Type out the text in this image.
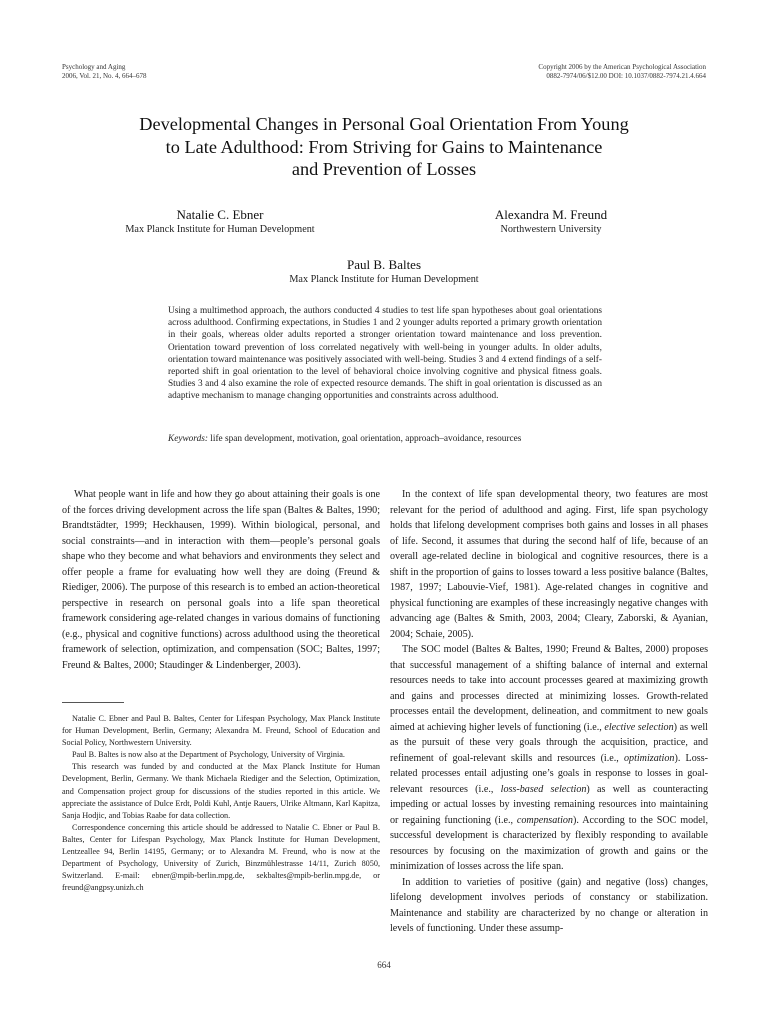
Psychology and Aging
2006, Vol. 21, No. 4, 664–678
Copyright 2006 by the American Psychological Association
0882-7974/06/$12.00 DOI: 10.1037/0882-7974.21.4.664
Developmental Changes in Personal Goal Orientation From Young
to Late Adulthood: From Striving for Gains to Maintenance
and Prevention of Losses
Natalie C. Ebner
Max Planck Institute for Human Development
Alexandra M. Freund
Northwestern University
Paul B. Baltes
Max Planck Institute for Human Development
Using a multimethod approach, the authors conducted 4 studies to test life span hypotheses about goal orientations across adulthood. Confirming expectations, in Studies 1 and 2 younger adults reported a primary growth orientation in their goals, whereas older adults reported a stronger orientation toward maintenance and loss prevention. Orientation toward prevention of loss correlated negatively with well-being in younger adults. In older adults, orientation toward maintenance was positively associated with well-being. Studies 3 and 4 extend findings of a self-reported shift in goal orientation to the level of behavioral choice involving cognitive and physical fitness goals. Studies 3 and 4 also examine the role of expected resource demands. The shift in goal orientation is discussed as an adaptive mechanism to manage changing opportunities and constraints across adulthood.
Keywords: life span development, motivation, goal orientation, approach–avoidance, resources

What people want in life and how they go about attaining their goals is one of the forces driving development across the life span (Baltes & Baltes, 1990; Brandtstädter, 1999; Heckhausen, 1999). Within biological, personal, and social constraints—and in interaction with them—people’s personal goals shape who they become and what behaviors and environments they select and offer people a frame for evaluating how well they are doing (Freund & Riediger, 2006). The purpose of this research is to embed an action-theoretical perspective in research on personal goals into a life span theoretical framework considering age-related changes in various domains of functioning (e.g., physical and cognitive functions) across adulthood using the theoretical framework of selection, optimization, and compensation (SOC; Baltes, 1997; Freund & Baltes, 2000; Staudinger & Lindenberger, 2003).

Natalie C. Ebner and Paul B. Baltes, Center for Lifespan Psychology, Max Planck Institute for Human Development, Berlin, Germany; Alexandra M. Freund, School of Education and Social Policy, Northwestern University.

Paul B. Baltes is now also at the Department of Psychology, University of Virginia.

This research was funded by and conducted at the Max Planck Institute for Human Development, Berlin, Germany. We thank Michaela Riediger and the Selection, Optimization, and Compensation project group for discussions of the studies reported in this article. We appreciate the assistance of Dulce Erdt, Poldi Kuhl, Antje Rauers, Ulrike Altmann, Karl Kapitza, Sanja Hodjic, and Tobias Raabe for data collection.

Correspondence concerning this article should be addressed to Natalie C. Ebner or Paul B. Baltes, Center for Lifespan Psychology, Max Planck Institute for Human Development, Lentzeallee 94, Berlin 14195, Germany; or to Alexandra M. Freund, who is now at the Department of Psychology, University of Zurich, Binzmühlestrasse 14/11, Zurich 8050, Switzerland. E-mail: ebner@mpib-berlin.mpg.de, sekbaltes@mpib-berlin.mpg.de, or freund@angpsy.unizh.ch

In the context of life span developmental theory, two features are most relevant for the period of adulthood and aging. First, life span psychology holds that lifelong development comprises both gains and losses in all phases of life. Second, it assumes that during the second half of life, because of an overall age-related decline in biological and cognitive resources, there is a shift in the proportion of gains to losses toward a less positive balance (Baltes, 1987, 1997; Labouvie-Vief, 1981). Age-related changes in cognitive and physical functioning are examples of these increasingly negative changes with advancing age (Baltes & Smith, 2003, 2004; Cleary, Zaborski, & Ayanian, 2004; Schaie, 2005).

The SOC model (Baltes & Baltes, 1990; Freund & Baltes, 2000) proposes that successful management of a shifting balance of internal and external resources needs to take into account processes geared at maximizing growth and gains and processes directed at minimizing losses. Growth-related processes entail the development, delineation, and commitment to new goals aimed at achieving higher levels of functioning (i.e., elective selection) as well as the pursuit of these very goals through the acquisition, practice, and refinement of goal-relevant skills and resources (i.e., optimization). Loss-related processes entail adjusting one’s goals in response to losses in goal-relevant resources (i.e., loss-based selection) as well as counteracting impeding or actual losses by investing remaining resources into maintaining or regaining functioning (i.e., compensation). According to the SOC model, successful development is characterized by flexibly responding to available resources by focusing on the maximization of growth and gains or the minimization of losses across the life span.

In addition to varieties of positive (gain) and negative (loss) changes, lifelong development involves periods of constancy or stabilization. Maintenance and stability are characterized by no change or alteration in levels of functioning. Under these assump-

664
